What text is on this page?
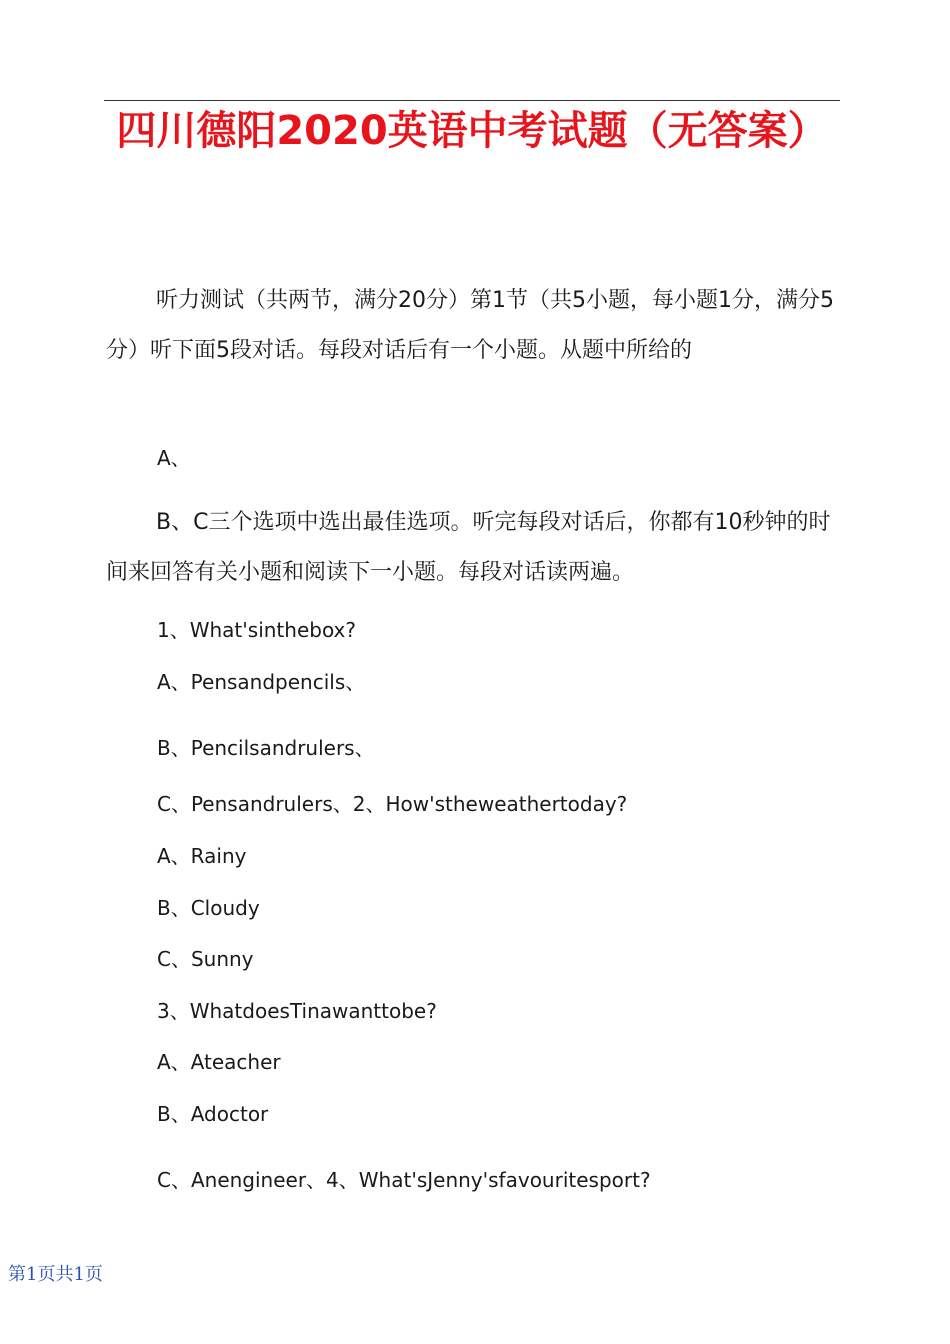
四川德阳2020英语中考试题（无答案）

听力测试（共两节，满分20分）第1节（共5小题，每小题1分，满分5分）听下面5段对话。每段对话后有一个小题。从题中所给的

A、

B、C三个选项中选出最佳选项。听完每段对话后，你都有10秒钟的时间来回答有关小题和阅读下一小题。每段对话读两遍。

1、What'sinthebox?

A、Pensandpencils、

B、Pencilsandrulers、

C、Pensandrulers、2、How'stheweathertoday?

A、Rainy

B、Cloudy

C、Sunny

3、WhatdoesTinawanttobe?

A、Ateacher

B、Adoctor

C、Anengineer、4、What'sJenny'sfavouritesport?

第1页共1页
